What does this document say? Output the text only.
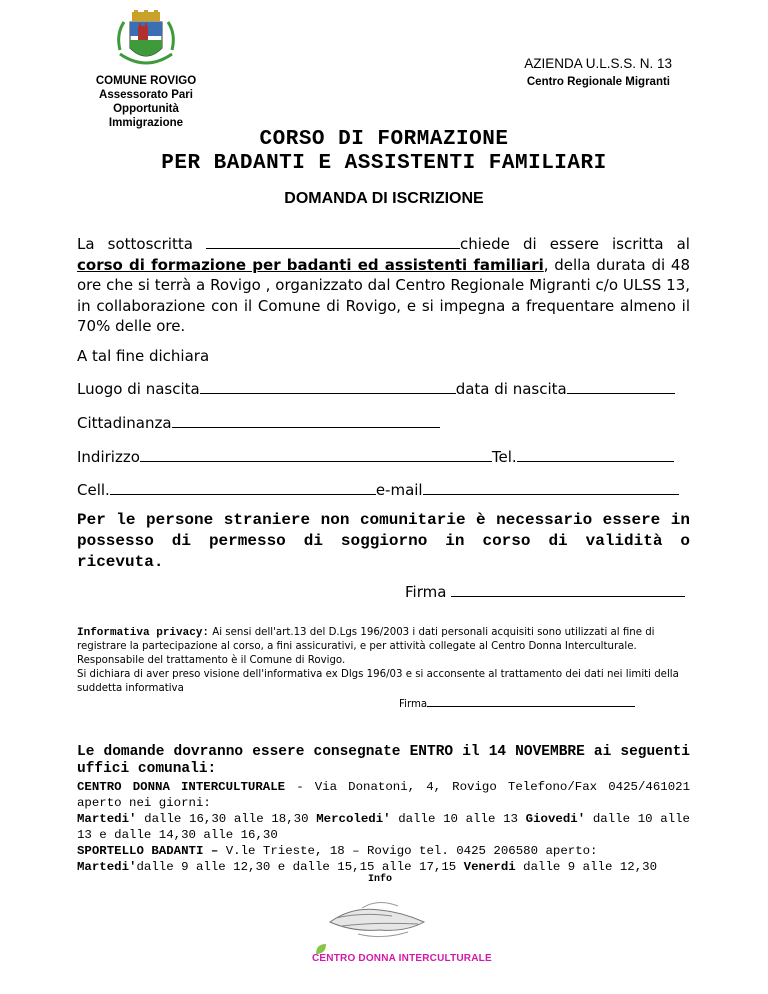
COMUNE ROVIGO
Assessorato Pari Opportunità
Immigrazione
AZIENDA U.L.S.S. N. 13
Centro Regionale Migranti
CORSO DI FORMAZIONE
PER BADANTI E ASSISTENTI FAMILIARI
DOMANDA DI ISCRIZIONE
La sottoscritta	chiede di essere iscritta al corso di formazione per badanti ed assistenti familiari, della durata di 48 ore che si terrà a Rovigo , organizzato dal Centro Regionale Migranti c/o ULSS 13, in collaborazione con il Comune di Rovigo, e si impegna a frequentare almeno il 70% delle ore.
A tal fine dichiara
Luogo di nascita	data di nascita
Cittadinanza
Indirizzo	Tel.
Cell.	e-mail
Per le persone straniere non comunitarie è necessario essere in possesso di permesso di soggiorno in corso di validità o ricevuta.
Firma
Informativa privacy: Ai sensi dell'art.13 del D.Lgs 196/2003 i dati personali acquisiti sono utilizzati al fine di registrare la partecipazione al corso, a fini assicurativi, e per attività collegate al Centro Donna Interculturale. Responsabile del trattamento è il Comune di Rovigo.
Si dichiara di aver preso visione dell'informativa ex Dlgs 196/03 e si acconsente al trattamento dei dati nei limiti della suddetta informativa
Firma
Le domande dovranno essere consegnate ENTRO il 14 NOVEMBRE ai seguenti uffici comunali:
CENTRO DONNA INTERCULTURALE - Via Donatoni, 4, Rovigo Telefono/Fax 0425/461021 aperto nei giorni:
Martedi' dalle 16,30 alle 18,30 Mercoledi' dalle 10 alle 13 Giovedi' dalle 10 alle 13 e dalle 14,30 alle 16,30
SPORTELLO BADANTI – V.le Trieste, 18 – Rovigo tel. 0425 206580 aperto:
Martedi'dalle 9 alle 12,30 e dalle 15,15 alle 17,15 Venerdi dalle 9 alle 12,30
Info
CENTRO DONNA INTERCULTURALE
